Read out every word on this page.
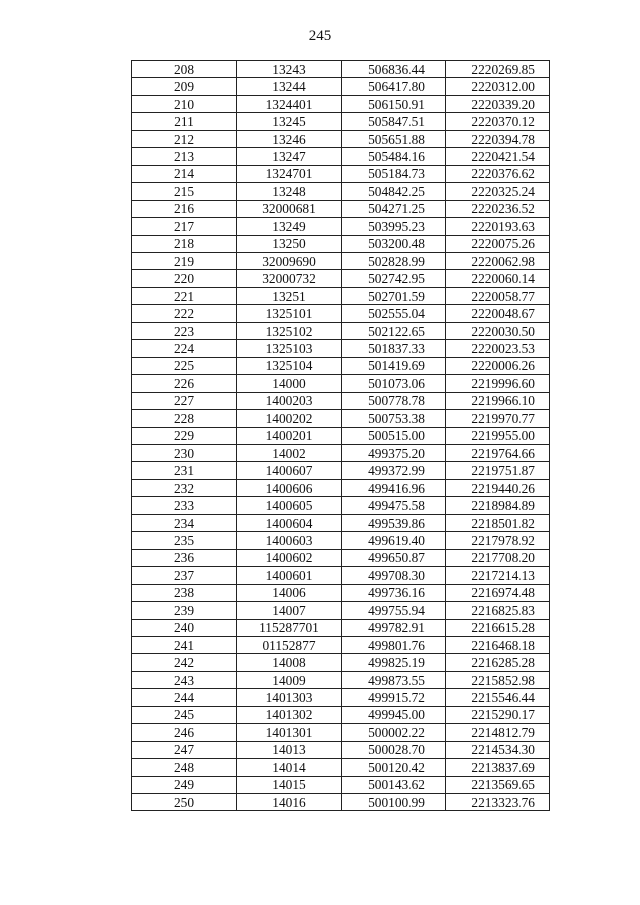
245
208	13243	506836.44	2220269.85
209	13244	506417.80	2220312.00
210	1324401	506150.91	2220339.20
211	13245	505847.51	2220370.12
212	13246	505651.88	2220394.78
213	13247	505484.16	2220421.54
214	1324701	505184.73	2220376.62
215	13248	504842.25	2220325.24
216	32000681	504271.25	2220236.52
217	13249	503995.23	2220193.63
218	13250	503200.48	2220075.26
219	32009690	502828.99	2220062.98
220	32000732	502742.95	2220060.14
221	13251	502701.59	2220058.77
222	1325101	502555.04	2220048.67
223	1325102	502122.65	2220030.50
224	1325103	501837.33	2220023.53
225	1325104	501419.69	2220006.26
226	14000	501073.06	2219996.60
227	1400203	500778.78	2219966.10
228	1400202	500753.38	2219970.77
229	1400201	500515.00	2219955.00
230	14002	499375.20	2219764.66
231	1400607	499372.99	2219751.87
232	1400606	499416.96	2219440.26
233	1400605	499475.58	2218984.89
234	1400604	499539.86	2218501.82
235	1400603	499619.40	2217978.92
236	1400602	499650.87	2217708.20
237	1400601	499708.30	2217214.13
238	14006	499736.16	2216974.48
239	14007	499755.94	2216825.83
240	115287701	499782.91	2216615.28
241	01152877	499801.76	2216468.18
242	14008	499825.19	2216285.28
243	14009	499873.55	2215852.98
244	1401303	499915.72	2215546.44
245	1401302	499945.00	2215290.17
246	1401301	500002.22	2214812.79
247	14013	500028.70	2214534.30
248	14014	500120.42	2213837.69
249	14015	500143.62	2213569.65
250	14016	500100.99	2213323.76
